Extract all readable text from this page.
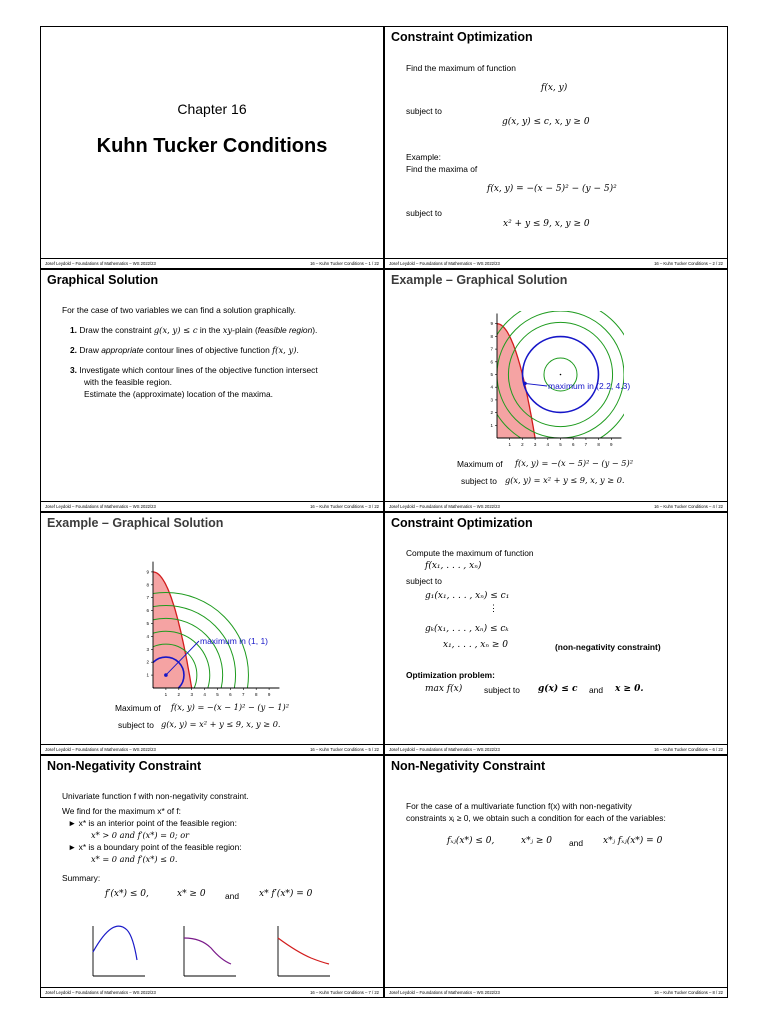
Chapter 16
Kuhn Tucker Conditions
Josef Leydold – Foundations of Mathematics – WS 2022/23	16 – Kuhn Tucker Conditions – 1 / 22
Constraint Optimization
Find the maximum of function
f(x, y)
subject to
g(x, y) ≤ c, x, y ≥ 0
Example:
Find the maxima of
f(x, y) = −(x − 5)² − (y − 5)²
subject to
x² + y ≤ 9, x, y ≥ 0
Josef Leydold – Foundations of Mathematics – WS 2022/23	16 – Kuhn Tucker Conditions – 2 / 22
Graphical Solution
For the case of two variables we can find a solution graphically.
1. Draw the constraint g(x, y) ≤ c in the xy-plain (feasible region).
2. Draw appropriate contour lines of objective function f(x, y).
3. Investigate which contour lines of the objective function intersect
with the feasible region.
Estimate the (approximate) location of the maxima.
Josef Leydold – Foundations of Mathematics – WS 2022/23	16 – Kuhn Tucker Conditions – 3 / 22
Example – Graphical Solution
1
1
2
2
3
3
4
4
5
5
6
6
7
7
8
8
9
9
maximum in (2.2, 4.3)
Maximum of f(x, y) = −(x − 5)² − (y − 5)²
subject to g(x, y) = x² + y ≤ 9, x, y ≥ 0.
Josef Leydold – Foundations of Mathematics – WS 2022/23	16 – Kuhn Tucker Conditions – 4 / 22
Example – Graphical Solution
1
1
2
2
3
3
4
4
5
5
6
6
7
7
8
8
9
9
maximum in (1, 1)
Maximum of f(x, y) = −(x − 1)² − (y − 1)²
subject to g(x, y) = x² + y ≤ 9, x, y ≥ 0.
Josef Leydold – Foundations of Mathematics – WS 2022/23	16 – Kuhn Tucker Conditions – 5 / 22
Constraint Optimization
Compute the maximum of function
f(x₁, . . . , xₙ)
subject to
g₁(x₁, . . . , xₙ) ≤ c₁
⋮
gₖ(x₁, . . . , xₙ) ≤ cₖ
x₁, . . . , xₙ ≥ 0	(non-negativity constraint)
Optimization problem:
max f(x)	subject to g(x) ≤ c and x ≥ 0.
Josef Leydold – Foundations of Mathematics – WS 2022/23	16 – Kuhn Tucker Conditions – 6 / 22
Non-Negativity Constraint
Univariate function f with non-negativity constraint.
We find for the maximum x* of f:
► x* is an interior point of the feasible region:
x* > 0 and f′(x*) = 0; or
► x* is a boundary point of the feasible region:
x* = 0 and f′(x*) ≤ 0.
Summary:
f′(x*) ≤ 0,	x* ≥ 0 and x* f′(x*) = 0
Josef Leydold – Foundations of Mathematics – WS 2022/23	16 – Kuhn Tucker Conditions – 7 / 22
Non-Negativity Constraint
For the case of a multivariate function f(x) with non-negativity
constraints xⱼ ≥ 0, we obtain such a condition for each of the variables:
fₓⱼ(x*) ≤ 0,	x*ⱼ ≥ 0 and x*ⱼ fₓⱼ(x*) = 0
Josef Leydold – Foundations of Mathematics – WS 2022/23	16 – Kuhn Tucker Conditions – 8 / 22
